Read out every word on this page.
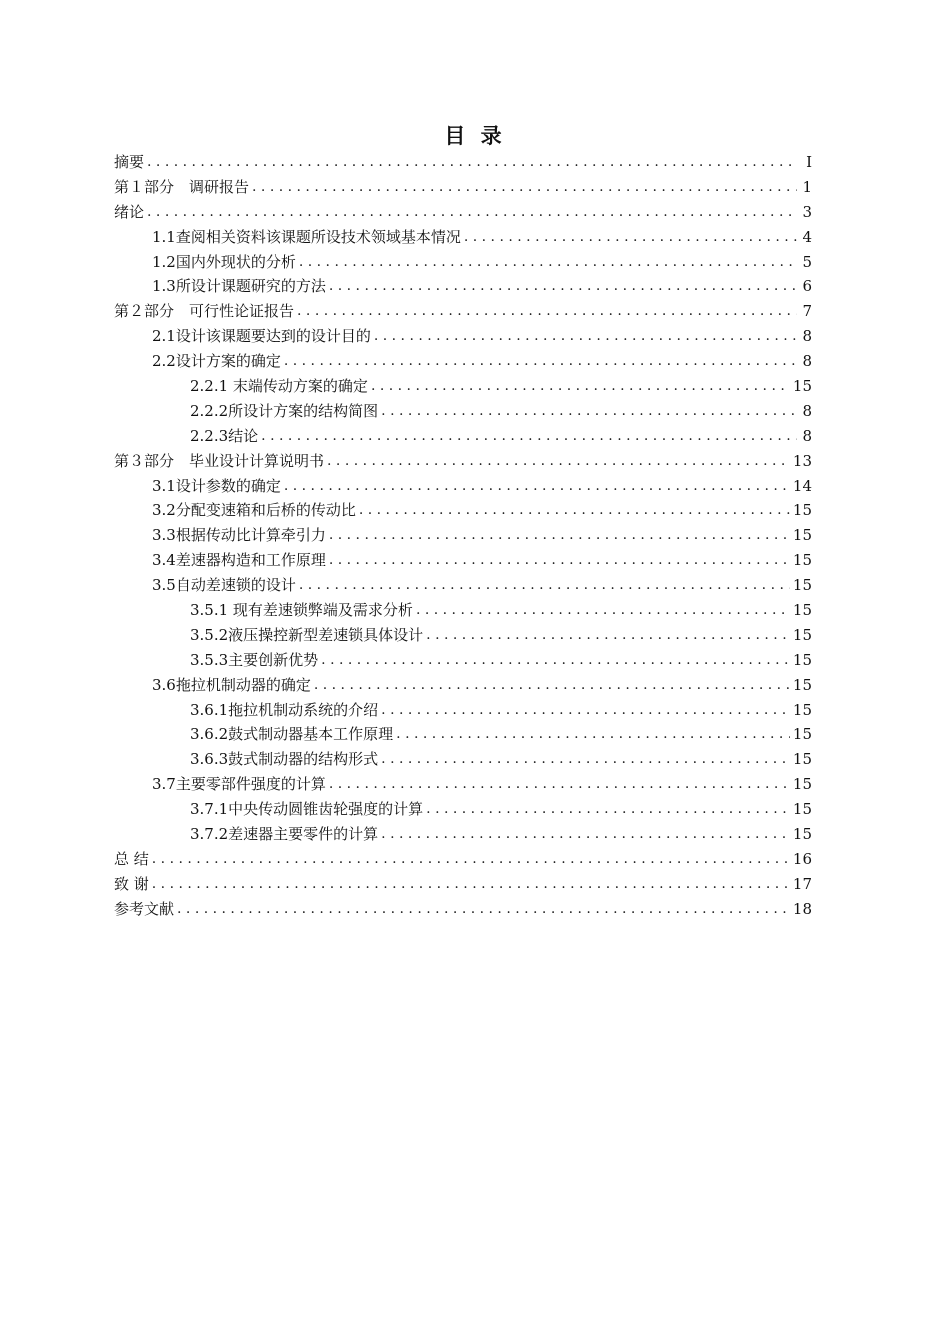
目 录
摘要 . . .	Ⅰ
第１部分　调研报告 . . .	1
绪论 . . .	3
1.1查阅相关资料该课题所设技术领域基本情况 . . .	4
1.2国内外现状的分析 . . .	5
1.3所设计课题研究的方法 . . .	6
第２部分　可行性论证报告 . . .	7
2.1设计该课题要达到的设计目的 . . .	8
2.2设计方案的确定 . . .	8
2.2.1 末端传动方案的确定 . . .	15
2.2.2所设计方案的结构简图 . . .	8
2.2.3结论 . . .	8
第３部分　毕业设计计算说明书 . . .	13
3.1设计参数的确定 . . .	14
3.2分配变速箱和后桥的传动比 . . .	15
3.3根据传动比计算牵引力 . . .	15
3.4差速器构造和工作原理 . . .	15
3.5自动差速锁的设计 . . .	15
3.5.1 现有差速锁弊端及需求分析 . . .	15
3.5.2液压操控新型差速锁具体设计 . . .	15
3.5.3主要创新优势 . . .	15
3.6拖拉机制动器的确定 . . .	15
3.6.1拖拉机制动系统的介绍 . . .	15
3.6.2鼓式制动器基本工作原理 . . .	15
3.6.3鼓式制动器的结构形式 . . .	15
3.7主要零部件强度的计算 . . .	15
3.7.1中央传动圆锥齿轮强度的计算 . . .	15
3.7.2差速器主要零件的计算 . . .	15
总 结 . . .	16
致 谢 . . .	17
参考文献 . . .	18
